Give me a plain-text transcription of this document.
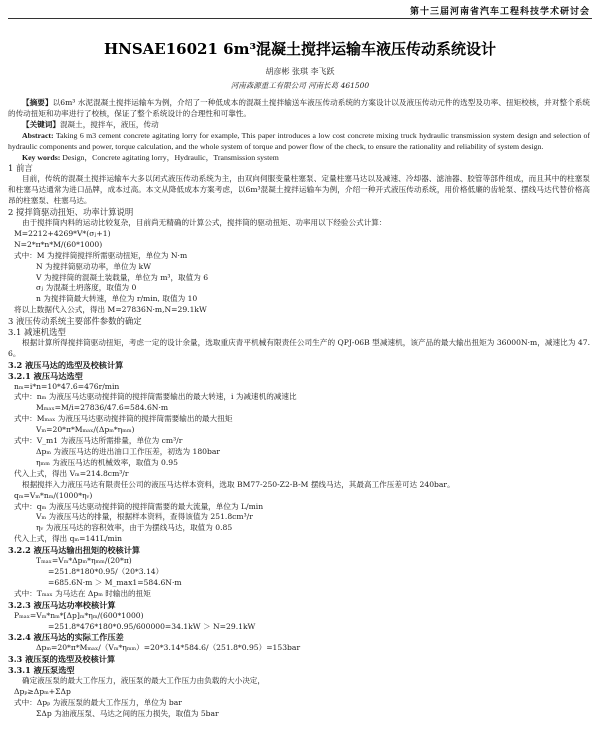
第十三届河南省汽车工程科技学术研讨会
HNSAE16021 6m³混凝土搅拌运输车液压传动系统设计
胡彦彬 张琪 李飞跃
河南森源重工有限公司 河南长葛 461500

【摘要】以6m³ 水泥混凝土搅拌运输车为例，介绍了一种低成本的混凝土搅拌输送车液压传动系统的方案设计以及液压传动元件的选型及功率、扭矩校核，并对整个系统的传动扭矩和功率进行了校核，保证了整个系统设计的合理性和可靠性。

【关键词】混凝土，搅拌车，液压，传动

Abstract: Taking 6 m3 cement concrete agitating lorry for example, This paper introduces a low cost concrete mixing truck hydraulic transmission system design and selection of hydraulic components and power, torque calculation, and the whole system of torque and power flow of the check, to ensure the rationality and reliability of system design.

Key words: Design，Concrete agitating lorry，Hydraulic，Transmission system

1 前言

目前，传统的混凝土搅拌运输车大多以闭式液压传动系统为主，由双向伺服变量柱塞泵、定量柱塞马达以及减速、冷却器、滤油器、胶管等部件组成，而且其中的柱塞泵和柱塞马达通常为进口品牌，成本过高。本文从降低成本方案考虑，以6m³混凝土搅拌运输车为例，介绍一种开式液压传动系统，用价格低廉的齿轮泵、摆线马达代替价格高昂的柱塞泵、柱塞马达。

2 搅拌筒驱动扭矩、功率计算说明

由于搅拌筒内料的运动比较复杂，目前尚无精确的计算公式，搅拌筒的驱动扭矩、功率用以下经验公式计算：

M=2212+4269*V*(σⱼ+1)

N=2*π*n*M/(60*1000)

式中：M 为搅拌筒搅拌所需驱动扭矩，单位为 N·m

N 为搅拌筒驱动功率，单位为 kW

V 为搅拌筒的混凝土装载量，单位为 m³，取值为 6

σⱼ 为混凝土坍落度，取值为 0

n 为搅拌筒最大转速，单位为 r/min, 取值为 10

将以上数据代入公式，得出 M=27836N·m,N=29.1kW

3 液压传动系统主要部件参数的确定

3.1 减速机选型

根据计算所得搅拌筒驱动扭矩，考虑一定的设计余量，选取重庆青平机械有限责任公司生产的 QPJ-06B 型减速机，该产品的最大输出扭矩为 36000N·m，减速比为 47.6。

3.2 液压马达的选型及校核计算

3.2.1 液压马达选型

nₘ=i*n=10*47.6=476r/min

式中：nₘ 为液压马达驱动搅拌筒的搅拌筒需要输出的最大转速，i 为减速机的减速比

Mₘₐₓ=M/i=27836/47.6=584.6N·m

式中：Mₘₐₓ 为液压马达驱动搅拌筒的搅拌筒需要输出的最大扭矩

Vₘ=20*π*Mₘₐₓ/(Δpₘ*ηₘₘ)

式中：V_m1 为液压马达所需排量，单位为 cm³/r

Δpₘ 为液压马达的进出油口工作压差，初选为 180bar

ηₘₘ 为液压马达的机械效率，取值为 0.95

代入上式，得出 Vₘ=214.8cm³/r

根据搅拌入力液压马达有限责任公司的液压马达样本资料，选取 BM77-250-Z2-B-M 摆线马达，其最高工作压差可达 240bar。

qₘ=Vₘ*nₘ/(1000*ηᵥ)

式中：qₘ 为液压马达驱动搅拌筒的搅拌筒需要的最大流量，单位为 L/min

Vₘ 为液压马达的排量，根据样本资料，查得该值为 251.8cm³/r

ηᵥ 为液压马达的容积效率，由于为摆线马达，取值为 0.85

代入上式，得出 qₘ=141L/min

3.2.2 液压马达输出扭矩的校核计算

Tₘₐₓ=Vₘ*Δpₘ*ηₘₘ/(20*π)

=251.8*180*0.95/（20*3.14）

=685.6N·m ＞ M_max1=584.6N·m

式中：Tₘₐₓ 为马达在 Δpₘ 时输出的扭矩

3.2.3 液压马达功率校核计算

Pₘₐₓ=Vₘ*nₘ*[Δp]ₘ*ηₘ/(600*1000)

=251.8*476*180*0.95/600000=34.1kW ＞ N=29.1kW

3.2.4 液压马达的实际工作压差

Δpₘ=20*π*Mₘₐₓ/（Vₘ*ηₘₘ）=20*3.14*584.6/（251.8*0.95）=153bar

3.3 液压泵的选型及校核计算

3.3.1 液压泵选型

确定液压泵的最大工作压力，液压泵的最大工作压力由负载的大小决定，

Δpₚ≥Δpₘ+ΣΔp

式中：Δpₚ 为液压泵的最大工作压力，单位为 bar

ΣΔp 为油液压泵、马达之间的压力损失，取值为 5bar
